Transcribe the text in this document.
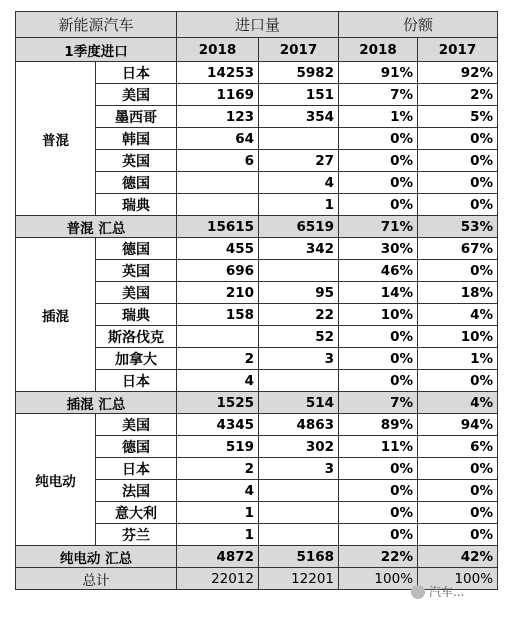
新能源汽车		进口量		份额	
1季度进口		2018	2017	2018	2017
普混	日本	14253	5982	91%	92%
	美国	1169	151	7%	2%
	墨西哥	123	354	1%	5%
	韩国	64		0%	0%
	英国	6	27	0%	0%
	德国		4	0%	0%
	瑞典		1	0%	0%
普混 汇总		15615	6519	71%	53%
插混	德国	455	342	30%	67%
	英国	696		46%	0%
	美国	210	95	14%	18%
	瑞典	158	22	10%	4%
	斯洛伐克		52	0%	10%
	加拿大	2	3	0%	1%
	日本	4		0%	0%
插混 汇总		1525	514	7%	4%
纯电动	美国	4345	4863	89%	94%
	德国	519	302	11%	6%
	日本	2	3	0%	0%
	法国	4		0%	0%
	意大利	1		0%	0%
	芬兰	1		0%	0%
纯电动 汇总		4872	5168	22%	42%
总计		22012	12201	100%	100%
汽车...
